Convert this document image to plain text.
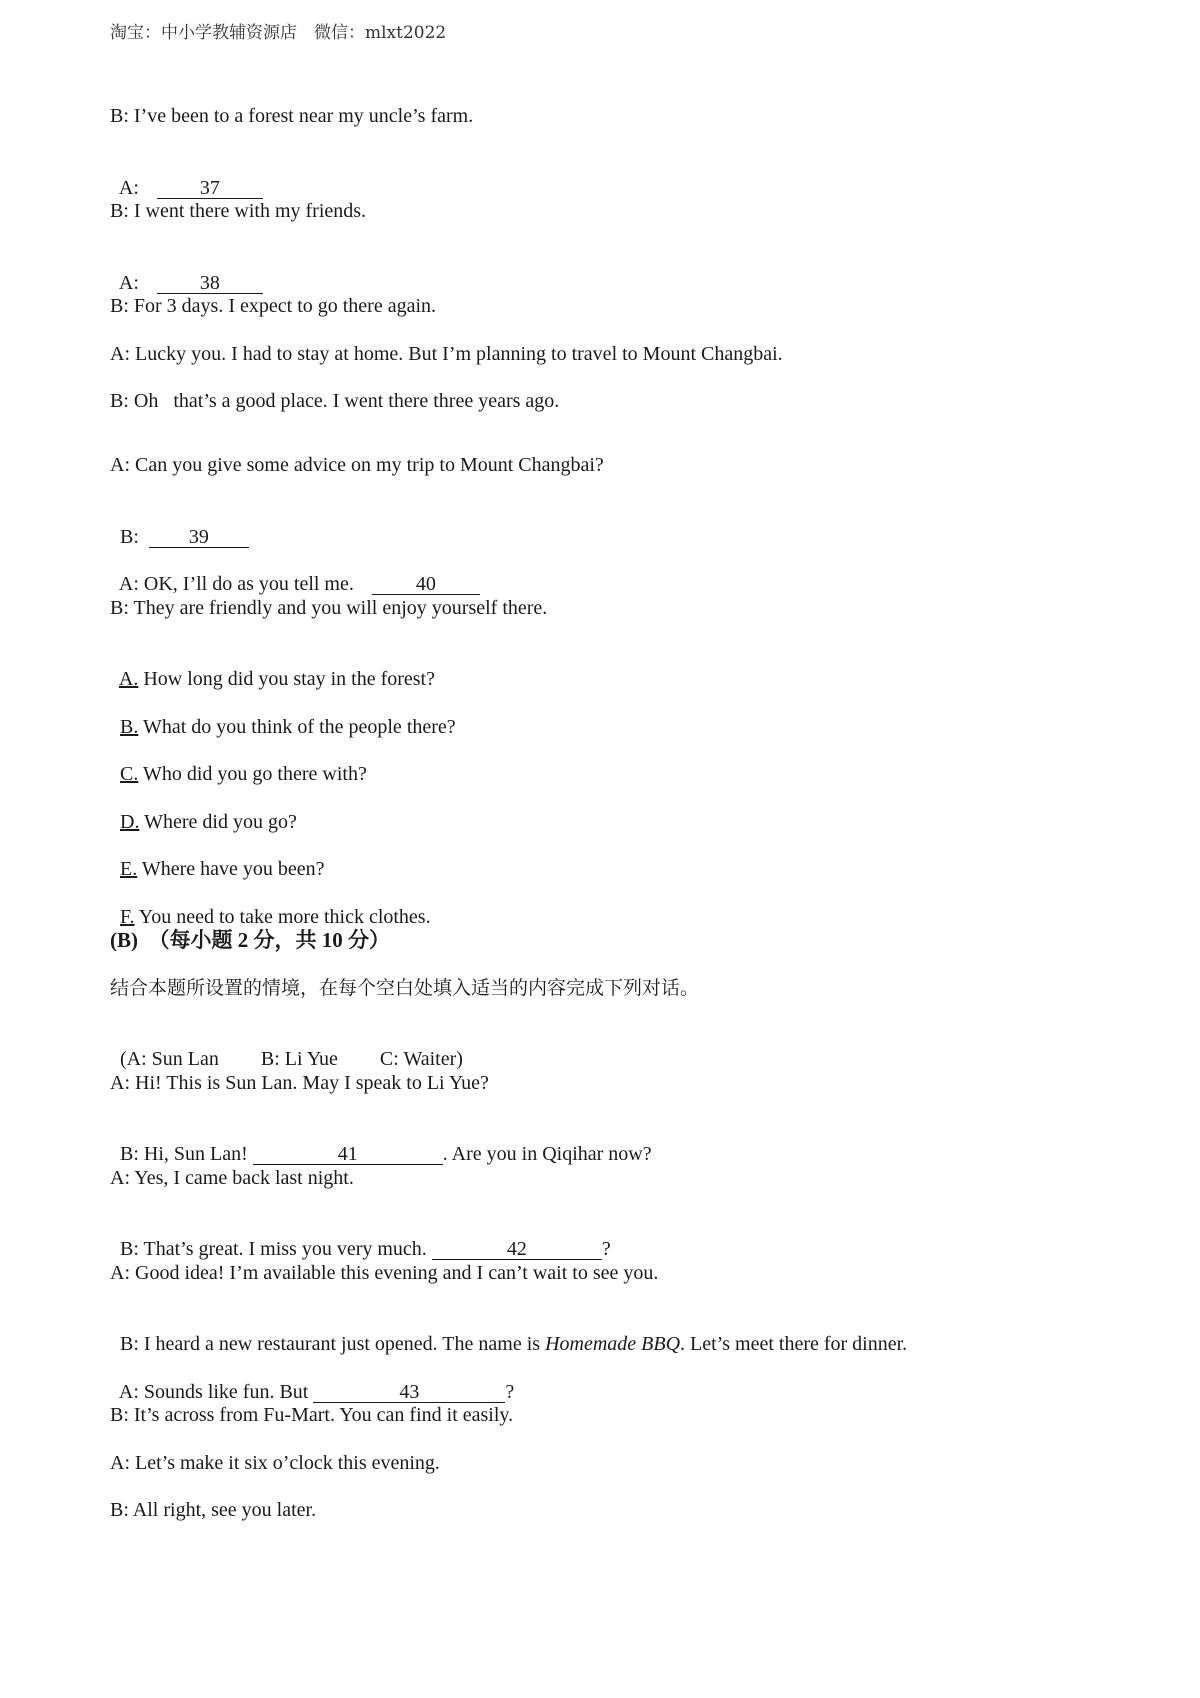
淘宝：中小学教辅资源店　微信：mlxt2022
B: I’ve been to a forest near my uncle’s farm.

A:	37

B: I went there with my friends.

A:	38

B: For 3 days. I expect to go there again.
A: Lucky you. I had to stay at home. But I’m planning to travel to Mount Changbai.
B: Oh   that’s a good place. I went there three years ago.
A: Can you give some advice on my trip to Mount Changbai?

B:	39

A: OK, I’ll do as you tell me.	40

B: They are friendly and you will enjoy yourself there.

A. How long did you stay in the forest?

B. What do you think of the people there?

C. Who did you go there with?

D. Where did you go?

E. Where have you been?

F. You need to take more thick clothes.

(B)  （每小题 2 分，共 10 分）
结合本题所设置的情境，在每个空白处填入适当的内容完成下列对话。

(A: Sun Lan B: Li Yue C: Waiter)

A: Hi! This is Sun Lan. May I speak to Li Yue?

B: Hi, Sun Lan!	41	. Are you in Qiqihar now?

A: Yes, I came back last night.

B: That’s great. I miss you very much.	42	?

A: Good idea! I’m available this evening and I can’t wait to see you.

B: I heard a new restaurant just opened. The name is Homemade BBQ. Let’s meet there for dinner.

A: Sounds like fun. But	43	?

B: It’s across from Fu-Mart. You can find it easily.
A: Let’s make it six o’clock this evening.
B: All right, see you later.
